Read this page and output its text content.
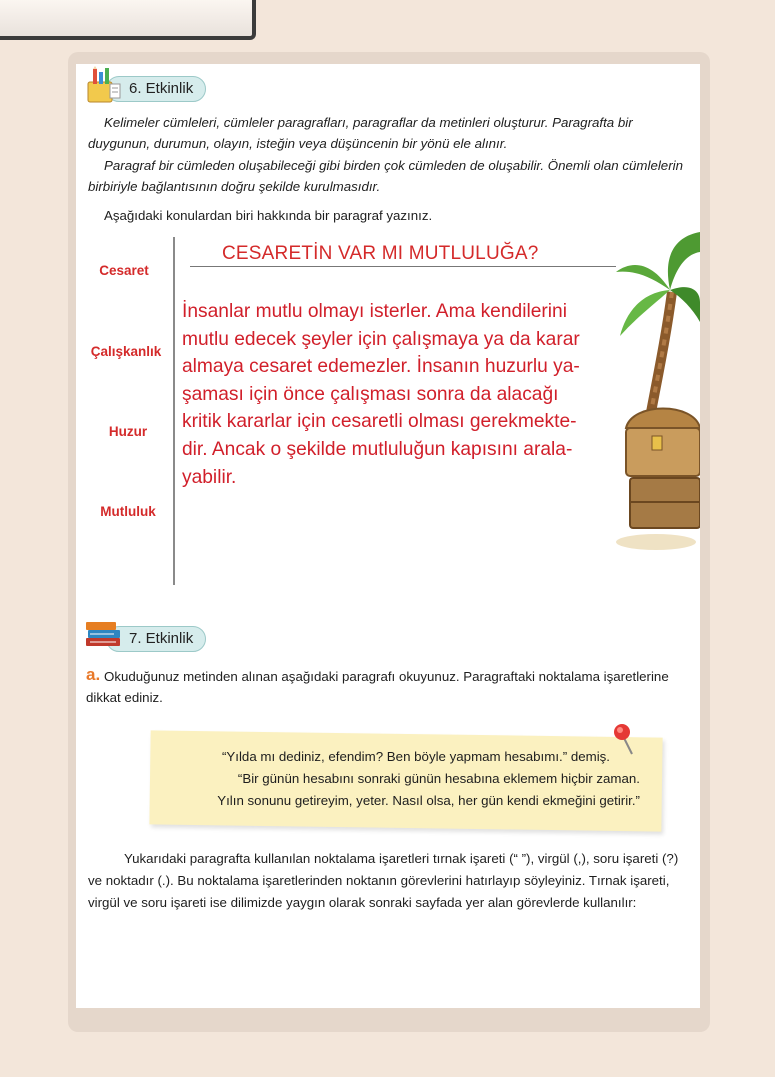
6. Etkinlik

Kelimeler cümleleri, cümleler paragrafları, paragraflar da metinleri oluşturur. Paragrafta bir duygunun, durumun, olayın, isteğin veya düşüncenin bir yönü ele alınır.

Paragraf bir cümleden oluşabileceği gibi birden çok cümleden de oluşabilir. Önemli olan cümlelerin birbiriyle bağlantısının doğru şekilde kurulmasıdır.

Aşağıdaki konulardan biri hakkında bir paragraf yazınız.

Cesaret
Çalışkanlık
Huzur
Mutluluk
CESARETİN VAR MI MUTLULUĞA?
İnsanlar mutlu olmayı isterler. Ama kendilerini
mutlu edecek şeyler için çalışmaya ya da karar
almaya cesaret edemezler. İnsanın huzurlu ya-
şaması için önce çalışması sonra da alacağı
kritik kararlar için cesaretli olması gerekmekte-
dir. Ancak o şekilde mutluluğun kapısını arala-
yabilir.
7. Etkinlik

a. Okuduğunuz metinden alınan aşağıdaki paragrafı okuyunuz. Paragraftaki noktalama işaretlerine dikkat ediniz.

“Yılda mı dediniz, efendim? Ben böyle yapmam hesabımı.” demiş.
“Bir günün hesabını sonraki günün hesabına eklemem hiçbir zaman.
Yılın sonunu getireyim, yeter. Nasıl olsa, her gün kendi ekmeğini getirir.”

Yukarıdaki paragrafta kullanılan noktalama işaretleri tırnak işareti (“ ”), virgül (,), soru işareti (?) ve noktadır (.). Bu noktalama işaretlerinden noktanın görevlerini hatırlayıp söyleyiniz. Tırnak işareti, virgül ve soru işareti ise dilimizde yaygın olarak sonraki sayfada yer alan görevlerde kullanılır:
